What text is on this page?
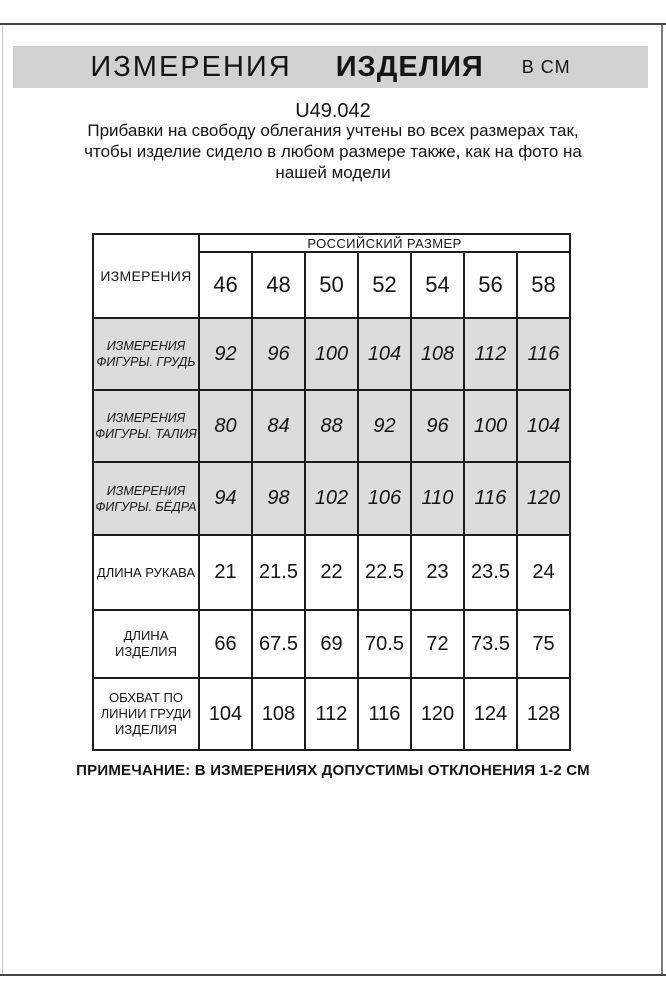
ИЗМЕРЕНИЯ ИЗДЕЛИЯ В СМ
U49.042
Прибавки на свободу облегания учтены во всех размерах так,
чтобы изделие сидело в любом размере также, как на фото на
нашей модели
ИЗМЕРЕНИЯ	РОССИЙСКИЙ РАЗМЕР						
	46	48	50	52	54	56	58
ИЗМЕРЕНИЯ ФИГУРЫ. ГРУДЬ	92	96	100	104	108	112	116
ИЗМЕРЕНИЯ ФИГУРЫ. ТАЛИЯ	80	84	88	92	96	100	104
ИЗМЕРЕНИЯ ФИГУРЫ. БЁДРА	94	98	102	106	110	116	120
ДЛИНА РУКАВА	21	21.5	22	22.5	23	23.5	24
ДЛИНА ИЗДЕЛИЯ	66	67.5	69	70.5	72	73.5	75
ОБХВАТ ПО ЛИНИИ ГРУДИ ИЗДЕЛИЯ	104	108	112	116	120	124	128
ПРИМЕЧАНИЕ: В ИЗМЕРЕНИЯХ ДОПУСТИМЫ ОТКЛОНЕНИЯ 1-2 СМ
